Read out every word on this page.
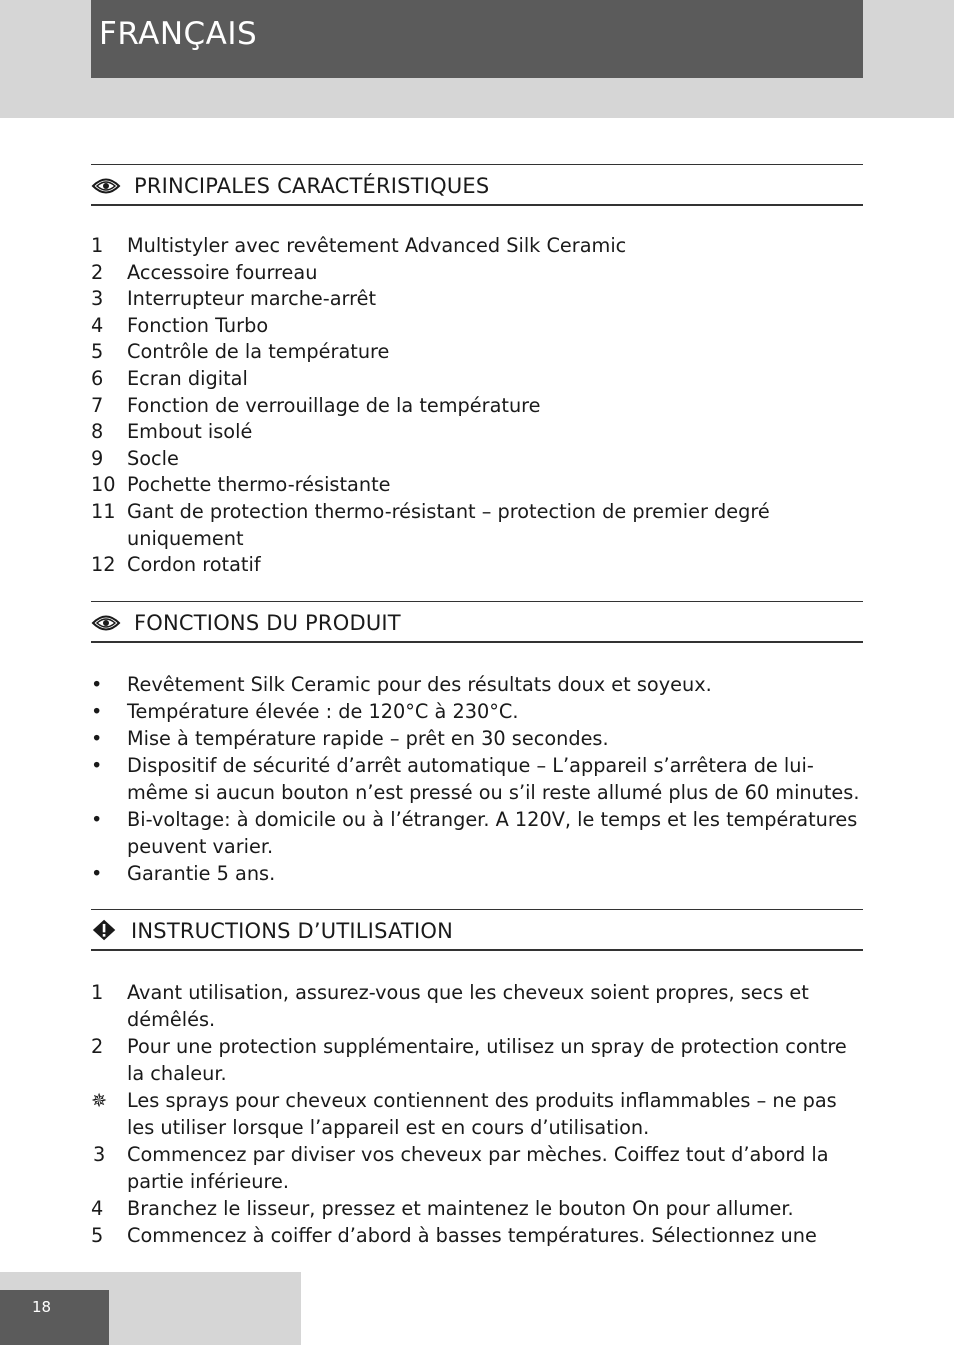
FRANÇAIS
PRINCIPALES CARACTÉRISTIQUES
1 Multistyler avec revêtement Advanced Silk Ceramic
2 Accessoire fourreau
3 Interrupteur marche-arrêt
4 Fonction Turbo
5 Contrôle de la température
6 Ecran digital
7 Fonction de verrouillage de la température
8 Embout isolé
9 Socle
10 Pochette thermo-résistante
11 Gant de protection thermo-résistant – protection de premier degré uniquement
12 Cordon rotatif
FONCTIONS DU PRODUIT
• Revêtement Silk Ceramic pour des résultats doux et soyeux.
• Température élevée : de 120°C à 230°C.
• Mise à température rapide – prêt en 30 secondes.
• Dispositif de sécurité d’arrêt automatique – L’appareil s’arrêtera de lui-même si aucun bouton n’est pressé ou s’il reste allumé plus de 60 minutes.
• Bi-voltage: à domicile ou à l’étranger. A 120V, le temps et les températures peuvent varier.
• Garantie 5 ans.
INSTRUCTIONS D’UTILISATION
1 Avant utilisation, assurez-vous que les cheveux soient propres, secs et démêlés.
2 Pour une protection supplémentaire, utilisez un spray de protection contre la chaleur.
✵ Les sprays pour cheveux contiennent des produits inflammables – ne pas les utiliser lorsque l’appareil est en cours d’utilisation.
3 Commencez par diviser vos cheveux par mèches. Coiffez tout d’abord la partie inférieure.
4 Branchez le lisseur, pressez et maintenez le bouton On pour allumer.
5 Commencez à coiffer d’abord à basses températures. Sélectionnez une
18
